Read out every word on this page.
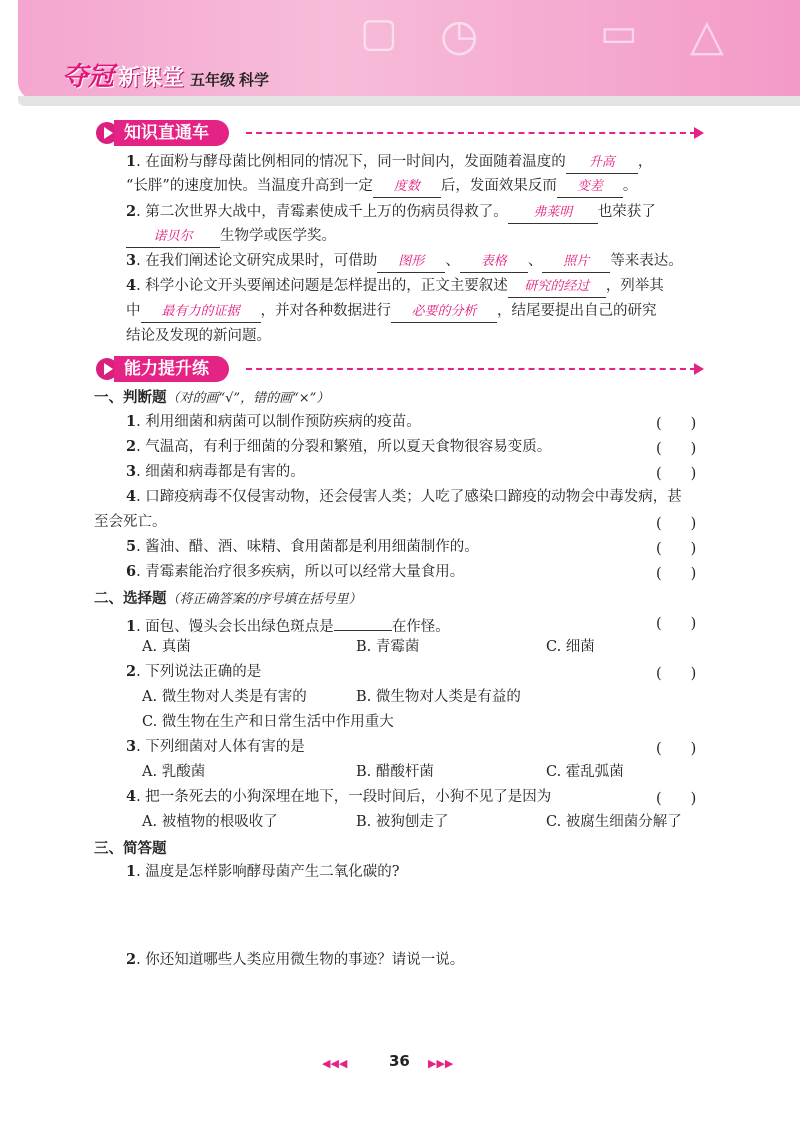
▢ ◷	▭ △
夺冠 新课堂 五年级 科学
知识直通车
1. 在面粉与酵母菌比例相同的情况下，同一时间内，发面随着温度的 升高 ，
“长胖”的速度加快。当温度升高到一定 度数 后，发面效果反而 变差 。
2. 第二次世界大战中，青霉素使成千上万的伤病员得救了。 弗莱明 也荣获了
诺贝尔 生物学或医学奖。
3. 在我们阐述论文研究成果时，可借助 图形 、 表格 、 照片 等来表达。
4. 科学小论文开头要阐述问题是怎样提出的，正文主要叙述 研究的经过 ，列举其
中 最有力的证据 ，并对各种数据进行 必要的分析 ，结尾要提出自己的研究
结论及发现的新问题。
能力提升练
一、判断题（对的画“√”，错的画“×”）
1. 利用细菌和病菌可以制作预防疾病的疫苗。	(　　)
2. 气温高，有利于细菌的分裂和繁殖，所以夏天食物很容易变质。	(　　)
3. 细菌和病毒都是有害的。	(　　)
4. 口蹄疫病毒不仅侵害动物，还会侵害人类；人吃了感染口蹄疫的动物会中毒发病，甚
至会死亡。	(　　)
5. 酱油、醋、酒、味精、食用菌都是利用细菌制作的。	(　　)
6. 青霉素能治疗很多疾病，所以可以经常大量食用。	(　　)
二、选择题（将正确答案的序号填在括号里）
1. 面包、馒头会长出绿色斑点是	在作怪。	(　　)
A. 真菌	B. 青霉菌	C. 细菌
2. 下列说法正确的是	(　　)
A. 微生物对人类是有害的	B. 微生物对人类是有益的
C. 微生物在生产和日常生活中作用重大
3. 下列细菌对人体有害的是	(　　)
A. 乳酸菌	B. 醋酸杆菌	C. 霍乱弧菌
4. 把一条死去的小狗深埋在地下，一段时间后，小狗不见了是因为	(　　)
A. 被植物的根吸收了	B. 被狗刨走了	C. 被腐生细菌分解了
三、简答题
1. 温度是怎样影响酵母菌产生二氧化碳的?
2. 你还知道哪些人类应用微生物的事迹？请说一说。
◀◀◀	36 ▶▶▶
